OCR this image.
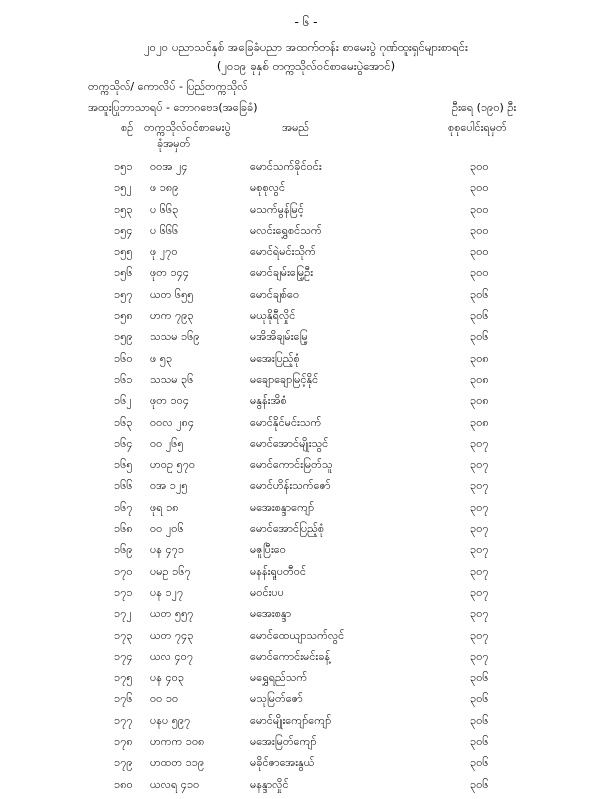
- ၆ -
၂၀၂၀ ပညာသင်နှစ် အခြေခံပညာ အထက်တန်း စာမေးပွဲ ဂုဏ်ထူးရှင်များစာရင်း
(၂၀၁၉ ခုနှစ် တက္ကသိုလ်ဝင်စာမေးပွဲအောင်)
တက္ကသိုလ်/ ကောလိပ် - ပြည်တက္ကသိုလ်
အထူးပြုဘာသာရပ် - ဘောဂဗေဒ(အခြေခံ)	ဦးရေ (၁၉၀) ဦး
စဉ် တက္ကသိုလ်ဝင်စာမေးပွဲ
ခုံအမှတ်
အမည်	စုစုပေါင်းရမှတ်
၁၅၁ ဝဝအ ၂၄	မောင်သက်ခိုင်ဝင်း	၃၀၀
၁၅၂ ဖ ၁၈၉	မစုစုလွင်	၃၀၀
၁၅၃ ပ ၆၆၃	မသက်မွန်မြင့်	၃၀၀
၁၅၄ ပ ၆၆၆	မလင်းရွှေစင်သက်	၃၀၀
၁၅၅ ဖု ၂၇၀	မောင်ရဲမင်းသိုက်	၃၀၀
၁၅၆ ဖုတ ၁၄၄	မောင်ချမ်းမြေ့ဦး	၃၀၀
၁၅၇ ယတ ၆၅၅	မောင်ချစ်ဝေ	၃၀၆
၁၅၈ ဟက ၇၉၃	မယုနိုရီလှိုင်	၃၀၆
၁၅၉ သသမ ၁၆၉	မအိအိချမ်းမြေ့	၃၀၆
၁၆၀ ဖ ၅၃	မအေးပြည့်စုံ	၃၀၈
၁၆၁ သသမ ၃၆	မချောချောမြင့်နိုင်	၃၀၈
၁၆၂ ဖုတ ၁၀၄	မနွန်းအိစံ	၃၀၈
၁၆၃ ဝဝလ ၂၈၄	မောင်နိုင်မင်းသက်	၃၀၈
၁၆၄ ဝဝ ၂၆၅	မောင်အောင်မျိုးသွင်	၃၀၇
၁၆၅ ဟဝဥ ၅၇၀	မောင်ကောင်းမြတ်သူ	၃၀၇
၁၆၆ ဝအ ၁၂၅	မောင်ဟိန်းသက်ဇော်	၃၀၇
၁၆၇ ဖုရ ၁၈	မအေးစန္ဒာကျော်	၃၀၇
၁၆၈ ဝဝ ၂၀၆	မောင်အောင်ပြည့်စုံ	၃၀၇
၁၆၉ ပန ၄၇၁	မဇူပြီးဝေ	၃၀၇
၁၇၀ ပမဥ ၁၆၇	မနန်းရူပတီဝင်	၃၀၇
၁၇၁ ပန ၁၂၇	မဝင်းပပ	၃၀၇
၁၇၂ ယတ ၅၅၇	မအေးစန္ဒာ	၃၀၇
၁၇၃ ယတ ၇၄၃	မောင်ထေယျာသက်လွင်	၃၀၇
၁၇၄ ယလ ၄၀၇	မောင်ကောင်းမင်းခန့်	၃၀၇
၁၇၅ ပန ၄၀၃	မရွှေရည်သက်	၃၀၆
၁၇၆ ဝဝ ၁၀	မသုမြတ်ဇော်	၃၀၆
၁၇၇ ပနပ ၅၉၇	မောင်မျိုးကျော်ကျော်	၃၀၆
၁၇၈ ဟကက ၁၀၈	မအေးမြတ်ကျော်	၃၀၆
၁၇၉ ဟထတ ၁၁၉	မခိုင်ဇာအေးနွယ်	၃၀၆
၁၈၀ ယလရ ၄၁၀	မနန္ဒာလှိုင်	၃၀၆
